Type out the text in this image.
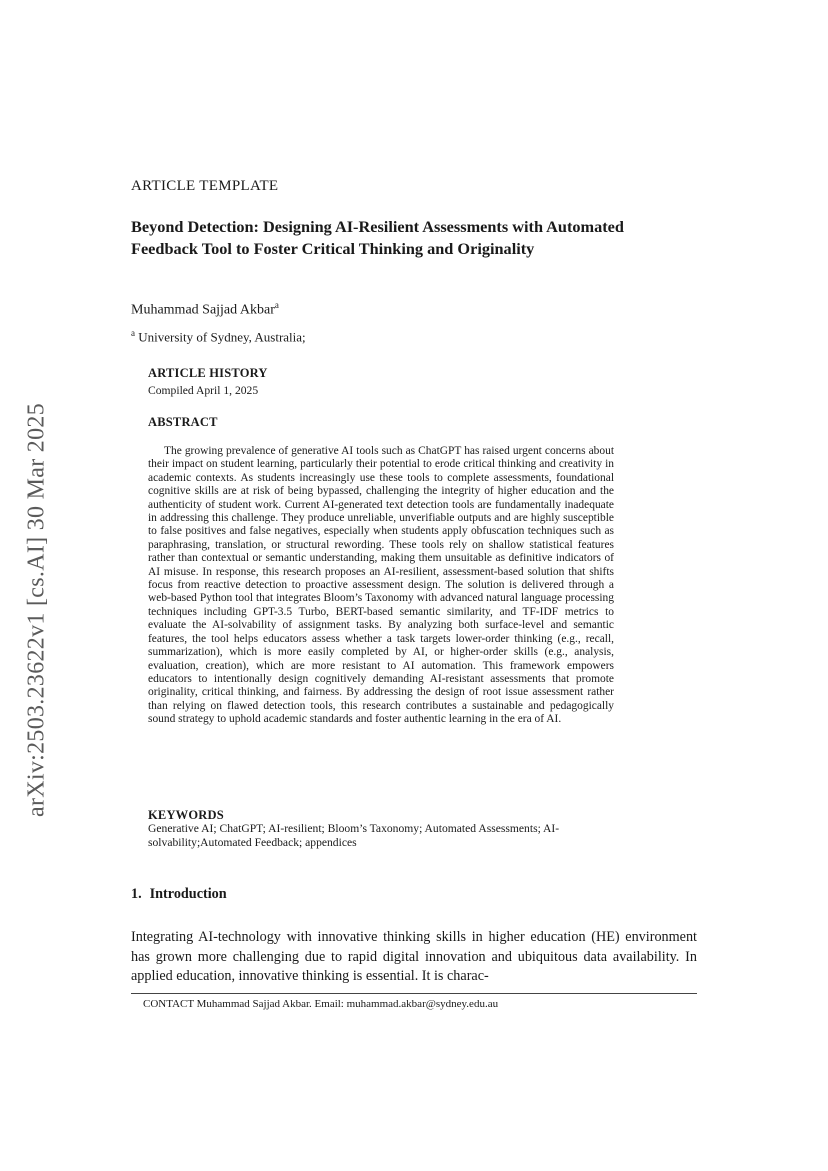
arXiv:2503.23622v1 [cs.AI] 30 Mar 2025
ARTICLE TEMPLATE
Beyond Detection: Designing AI-Resilient Assessments with Automated Feedback Tool to Foster Critical Thinking and Originality
Muhammad Sajjad Akbar$^a$
$^a$ University of Sydney, Australia;
ARTICLE HISTORY
Compiled April 1, 2025
ABSTRACT
The growing prevalence of generative AI tools such as ChatGPT has raised urgent concerns about their impact on student learning, particularly their potential to erode critical thinking and creativity in academic contexts. As students increasingly use these tools to complete assessments, foundational cognitive skills are at risk of being bypassed, challenging the integrity of higher education and the authenticity of student work. Current AI-generated text detection tools are fundamentally inadequate in addressing this challenge. They produce unreliable, unverifiable outputs and are highly susceptible to false positives and false negatives, especially when students apply obfuscation techniques such as paraphrasing, translation, or structural rewording. These tools rely on shallow statistical features rather than contextual or semantic understanding, making them unsuitable as definitive indicators of AI misuse. In response, this research proposes an AI-resilient, assessment-based solution that shifts focus from reactive detection to proactive assessment design. The solution is delivered through a web-based Python tool that integrates Bloom’s Taxonomy with advanced natural language processing techniques including GPT-3.5 Turbo, BERT-based semantic similarity, and TF-IDF metrics to evaluate the AI-solvability of assignment tasks. By analyzing both surface-level and semantic features, the tool helps educators assess whether a task targets lower-order thinking (e.g., recall, summarization), which is more easily completed by AI, or higher-order skills (e.g., analysis, evaluation, creation), which are more resistant to AI automation. This framework empowers educators to intentionally design cognitively demanding AI-resistant assessments that promote originality, critical thinking, and fairness. By addressing the design of root issue assessment rather than relying on flawed detection tools, this research contributes a sustainable and pedagogically sound strategy to uphold academic standards and foster authentic learning in the era of AI.
KEYWORDS
Generative AI; ChatGPT; AI-resilient; Bloom’s Taxonomy; Automated Assessments; AI-solvability;Automated Feedback; appendices
1. Introduction
Integrating AI-technology with innovative thinking skills in higher education (HE) environment has grown more challenging due to rapid digital innovation and ubiquitous data availability. In applied education, innovative thinking is essential. It is charac-
CONTACT Muhammad Sajjad Akbar. Email: muhammad.akbar@sydney.edu.au
